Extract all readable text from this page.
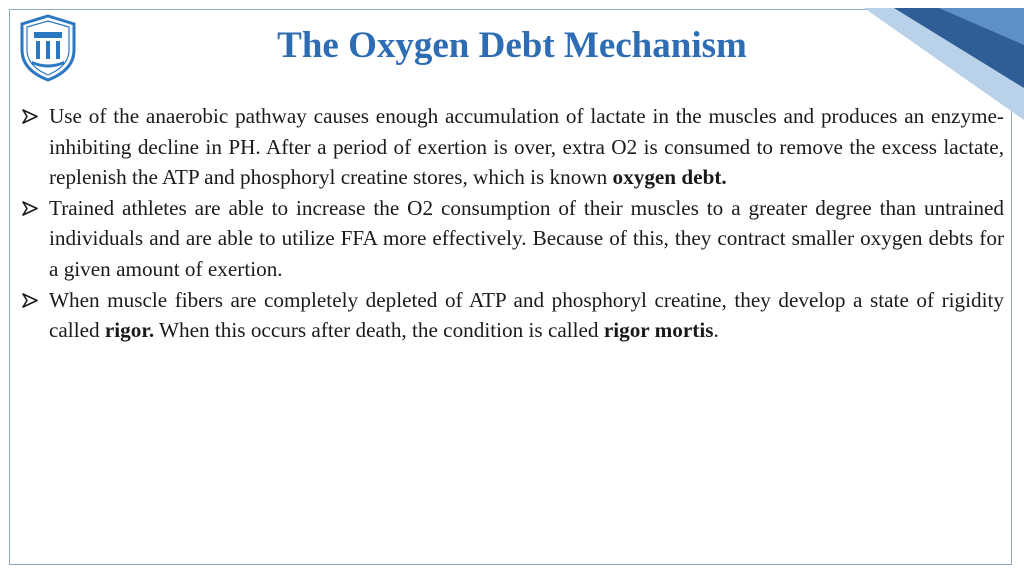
The Oxygen Debt Mechanism
Use of the anaerobic pathway causes enough accumulation of lactate in the muscles and produces an enzyme-inhibiting decline in PH. After a period of exertion is over, extra O2 is consumed to remove the excess lactate, replenish the ATP and phosphoryl creatine stores, which is known oxygen debt.
Trained athletes are able to increase the O2 consumption of their muscles to a greater degree than untrained individuals and are able to utilize FFA more effectively. Because of this, they contract smaller oxygen debts for a given amount of exertion.
When muscle fibers are completely depleted of ATP and phosphoryl creatine, they develop a state of rigidity called rigor. When this occurs after death, the condition is called rigor mortis.
